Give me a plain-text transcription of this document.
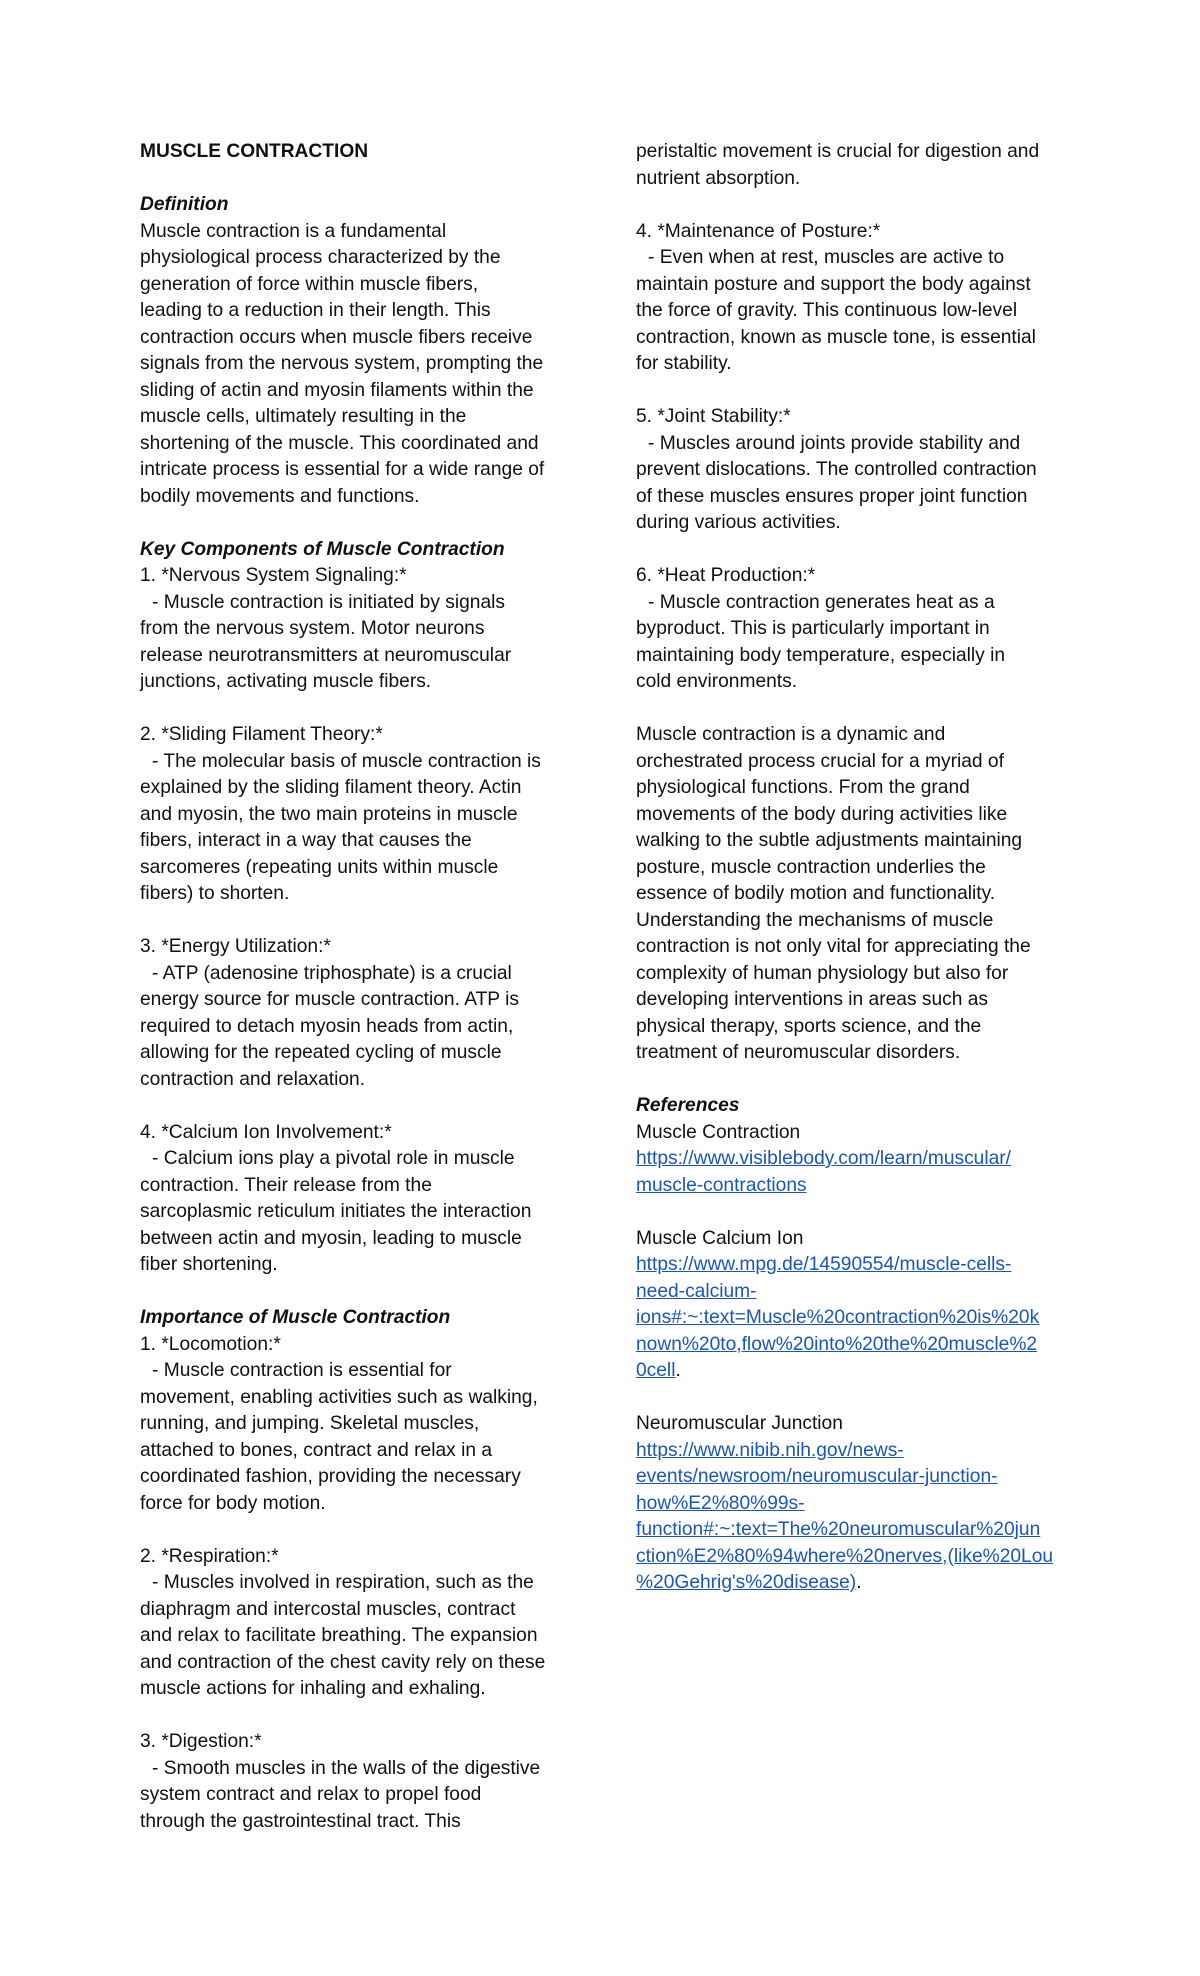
MUSCLE CONTRACTION
Definition
Muscle contraction is a fundamental
physiological process characterized by the
generation of force within muscle fibers,
leading to a reduction in their length. This
contraction occurs when muscle fibers receive
signals from the nervous system, prompting the
sliding of actin and myosin filaments within the
muscle cells, ultimately resulting in the
shortening of the muscle. This coordinated and
intricate process is essential for a wide range of
bodily movements and functions.
Key Components of Muscle Contraction
1. *Nervous System Signaling:*
- Muscle contraction is initiated by signals
from the nervous system. Motor neurons
release neurotransmitters at neuromuscular
junctions, activating muscle fibers.
2. *Sliding Filament Theory:*
- The molecular basis of muscle contraction is
explained by the sliding filament theory. Actin
and myosin, the two main proteins in muscle
fibers, interact in a way that causes the
sarcomeres (repeating units within muscle
fibers) to shorten.
3. *Energy Utilization:*
- ATP (adenosine triphosphate) is a crucial
energy source for muscle contraction. ATP is
required to detach myosin heads from actin,
allowing for the repeated cycling of muscle
contraction and relaxation.
4. *Calcium Ion Involvement:*
- Calcium ions play a pivotal role in muscle
contraction. Their release from the
sarcoplasmic reticulum initiates the interaction
between actin and myosin, leading to muscle
fiber shortening.
Importance of Muscle Contraction
1. *Locomotion:*
- Muscle contraction is essential for
movement, enabling activities such as walking,
running, and jumping. Skeletal muscles,
attached to bones, contract and relax in a
coordinated fashion, providing the necessary
force for body motion.
2. *Respiration:*
- Muscles involved in respiration, such as the
diaphragm and intercostal muscles, contract
and relax to facilitate breathing. The expansion
and contraction of the chest cavity rely on these
muscle actions for inhaling and exhaling.
3. *Digestion:*
- Smooth muscles in the walls of the digestive
system contract and relax to propel food
through the gastrointestinal tract. This
peristaltic movement is crucial for digestion and
nutrient absorption.
4. *Maintenance of Posture:*
- Even when at rest, muscles are active to
maintain posture and support the body against
the force of gravity. This continuous low-level
contraction, known as muscle tone, is essential
for stability.
5. *Joint Stability:*
- Muscles around joints provide stability and
prevent dislocations. The controlled contraction
of these muscles ensures proper joint function
during various activities.
6. *Heat Production:*
- Muscle contraction generates heat as a
byproduct. This is particularly important in
maintaining body temperature, especially in
cold environments.
Muscle contraction is a dynamic and
orchestrated process crucial for a myriad of
physiological functions. From the grand
movements of the body during activities like
walking to the subtle adjustments maintaining
posture, muscle contraction underlies the
essence of bodily motion and functionality.
Understanding the mechanisms of muscle
contraction is not only vital for appreciating the
complexity of human physiology but also for
developing interventions in areas such as
physical therapy, sports science, and the
treatment of neuromuscular disorders.
References
Muscle Contraction
https://www.visiblebody.com/learn/muscular/
muscle-contractions
Muscle Calcium Ion
https://www.mpg.de/14590554/muscle-cells-
need-calcium-
ions#:~:text=Muscle%20contraction%20is%20k
nown%20to,flow%20into%20the%20muscle%2
0cell.
Neuromuscular Junction
https://www.nibib.nih.gov/news-
events/newsroom/neuromuscular-junction-
how%E2%80%99s-
function#:~:text=The%20neuromuscular%20jun
ction%E2%80%94where%20nerves,(like%20Lou
%20Gehrig's%20disease).
